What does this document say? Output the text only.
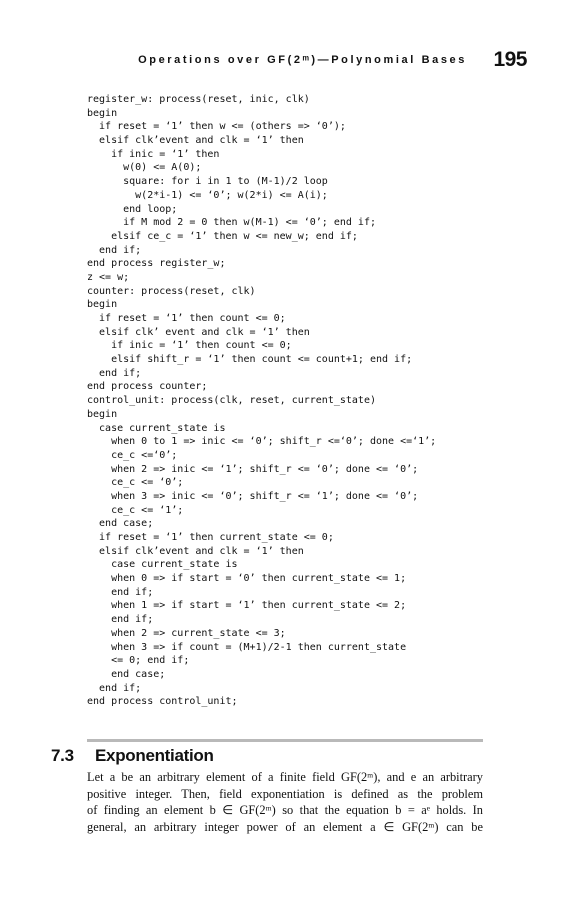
Operations over GF(2ᵐ)—Polynomial Bases 195
register_w: process(reset, inic, clk)
begin
if reset = ‘1’ then w <= (others => ‘0’);
elsif clk’event and clk = ‘1’ then
if inic = ‘1’ then
w(0) <= A(0);
square: for i in 1 to (M-1)/2 loop
w(2*i-1) <= ‘0’; w(2*i) <= A(i);
end loop;
if M mod 2 = 0 then w(M-1) <= ‘0’; end if;
elsif ce_c = ‘1’ then w <= new_w; end if;
end if;
end process register_w;
z <= w;
counter: process(reset, clk)
begin
if reset = ‘1’ then count <= 0;
elsif clk’ event and clk = ‘1’ then
if inic = ‘1’ then count <= 0;
elsif shift_r = ‘1’ then count <= count+1; end if;
end if;
end process counter;
control_unit: process(clk, reset, current_state)
begin
case current_state is
when 0 to 1 => inic <= ‘0’; shift_r <=‘0’; done <=‘1’;
ce_c <=‘0’;
when 2 => inic <= ‘1’; shift_r <= ‘0’; done <= ‘0’;
ce_c <= ‘0’;
when 3 => inic <= ‘0’; shift_r <= ‘1’; done <= ‘0’;
ce_c <= ‘1’;
end case;
if reset = ‘1’ then current_state <= 0;
elsif clk’event and clk = ‘1’ then
case current_state is
when 0 => if start = ‘0’ then current_state <= 1;
end if;
when 1 => if start = ‘1’ then current_state <= 2;
end if;
when 2 => current_state <= 3;
when 3 => if count = (M+1)/2-1 then current_state
<= 0; end if;
end case;
end if;
end process control_unit;
7.3 Exponentiation
Let a be an arbitrary element of a finite field GF(2ᵐ), and e an arbitrary
positive integer. Then, field exponentiation is defined as the problem
of finding an element b ∈ GF(2ᵐ) so that the equation b = aᵉ holds. In
general, an arbitrary integer power of an element a ∈ GF(2ᵐ) can be
